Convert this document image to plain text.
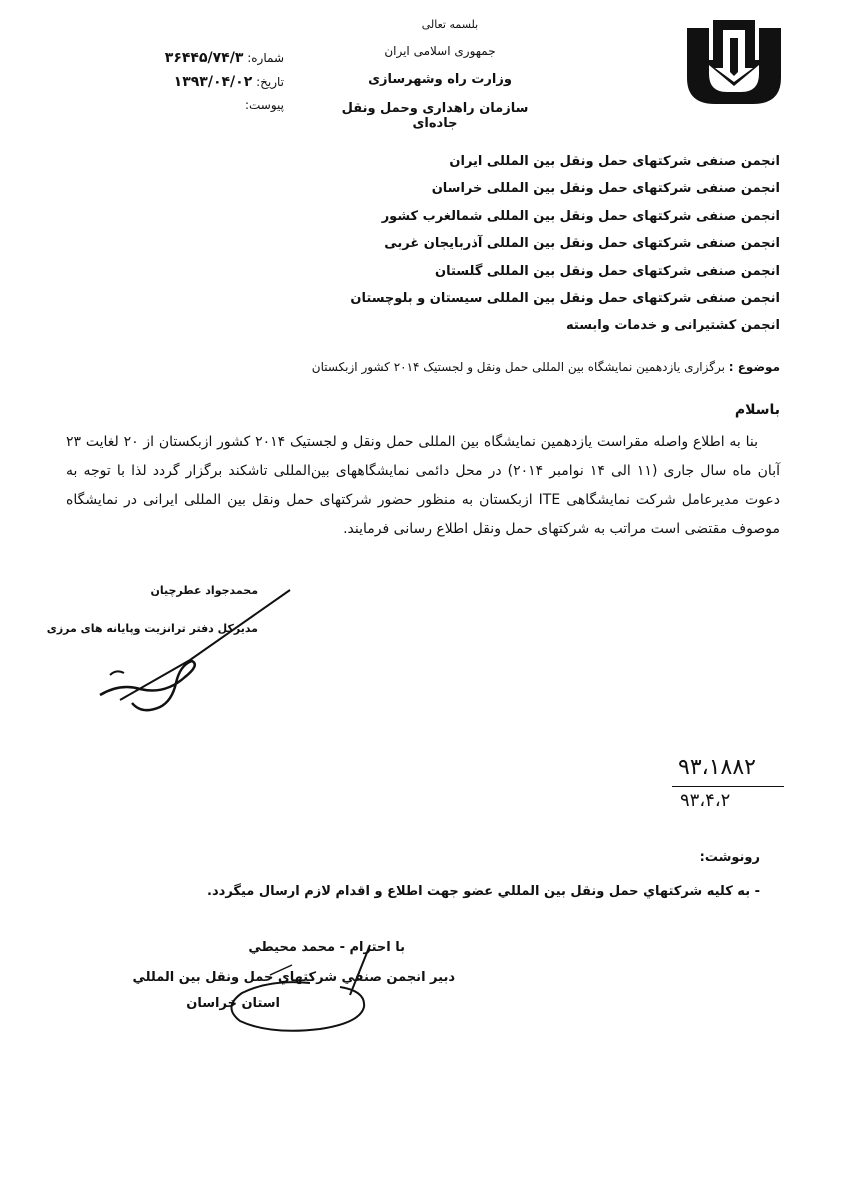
بلسمه تعالی
جمهوری اسلامی ایران
وزارت راه وشهرسازی
سازمان راهداری وحمل ونقل جاده‌ای
شماره: ۳۶۴۴۵/۷۴/۳
تاریخ: ۱۳۹۳/۰۴/۰۲
پیوست:
انجمن صنفی شرکتهای حمل ونقل بین المللی ایران
انجمن صنفی شرکتهای حمل ونقل بین المللی خراسان
انجمن صنفی شرکتهای حمل ونقل بین المللی شمالغرب کشور
انجمن صنفی شرکتهای حمل ونقل بین المللی آذربایجان غربی
انجمن صنفی شرکتهای حمل ونقل بین المللی گلستان
انجمن صنفی شرکتهای حمل ونقل بین المللی سیستان و بلوچستان
انجمن کشتیرانی و خدمات وابسته
موضوع : برگزاری یازدهمین نمایشگاه بین المللی حمل ونقل و لجستیک ۲۰۱۴ کشور ازبکستان
باسلام

بنا به اطلاع واصله مقراست یازدهمین نمایشگاه بین المللی حمل ونقل و لجستیک ۲۰۱۴ کشور ازبکستان از ۲۰ لغایت ۲۳ آبان ماه سال جاری (۱۱ الی ۱۴ نوامبر ۲۰۱۴) در محل دائمی نمایشگاههای بین‌المللی تاشکند برگزار گردد لذا با توجه به دعوت مدیرعامل شرکت نمایشگاهی ITE ازبکستان به منظور حضور شرکتهای حمل ونقل بین المللی ایرانی در نمایشگاه موصوف مقتضی است مراتب به شرکتهای حمل ونقل اطلاع رسانی فرمایند.

محمدجواد عطرچیان
مدیرکل دفتر ترانزیت وپایانه های مرزی
۹۳،۱۸۸۲
۹۳،۴،۲
رونوشت:
- به کلیه شرکتهاي حمل ونقل بین المللي عضو جهت اطلاع و اقدام لازم ارسال میگردد.
با احترام - محمد محیطي
دبیر انجمن صنفي شرکتهاي حمل ونقل بین المللي
استان خراسان
